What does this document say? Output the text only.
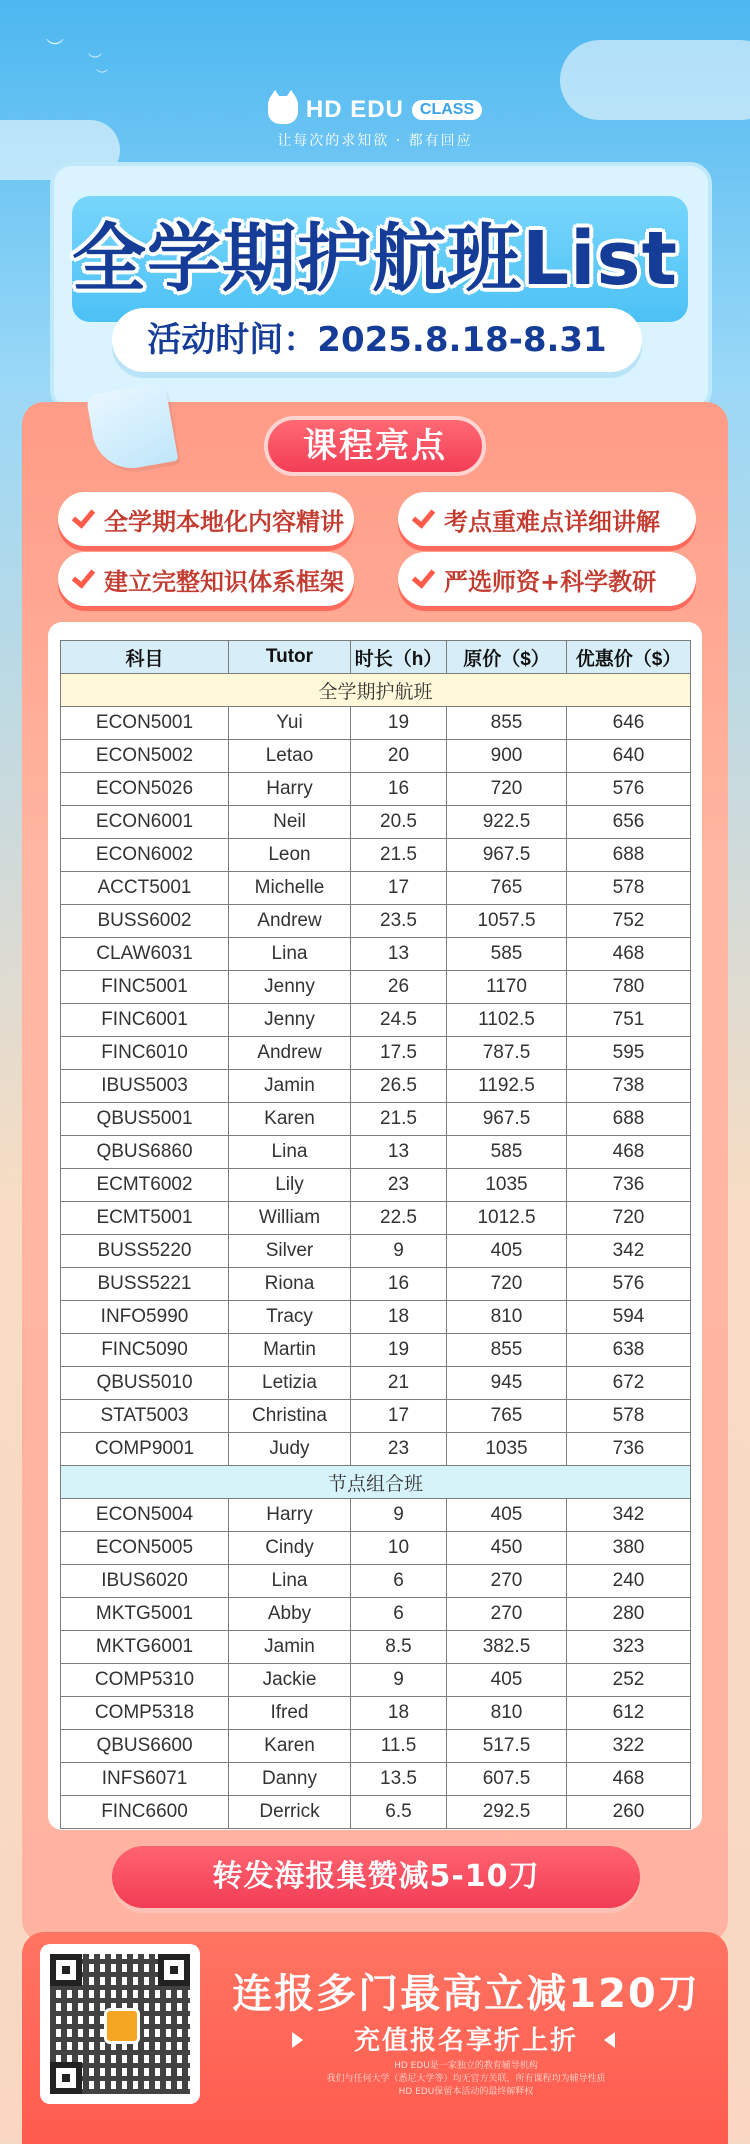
︶
︶
︶
HD EDU	CLASS
让每次的求知欲 · 都有回应
全学期护航班List
活动时间：2025.8.18-8.31
课程亮点
全学期本地化内容精讲	考点重难点详细讲解
建立完整知识体系框架	严选师资+科学教研
科目	Tutor	时长（h）	原价（$）	优惠价（$）
全学期护航班				
ECON5001	Yui	19	855	646
ECON5002	Letao	20	900	640
ECON5026	Harry	16	720	576
ECON6001	Neil	20.5	922.5	656
ECON6002	Leon	21.5	967.5	688
ACCT5001	Michelle	17	765	578
BUSS6002	Andrew	23.5	1057.5	752
CLAW6031	Lina	13	585	468
FINC5001	Jenny	26	1170	780
FINC6001	Jenny	24.5	1102.5	751
FINC6010	Andrew	17.5	787.5	595
IBUS5003	Jamin	26.5	1192.5	738
QBUS5001	Karen	21.5	967.5	688
QBUS6860	Lina	13	585	468
ECMT6002	Lily	23	1035	736
ECMT5001	William	22.5	1012.5	720
BUSS5220	Silver	9	405	342
BUSS5221	Riona	16	720	576
INFO5990	Tracy	18	810	594
FINC5090	Martin	19	855	638
QBUS5010	Letizia	21	945	672
STAT5003	Christina	17	765	578
COMP9001	Judy	23	1035	736
节点组合班				
ECON5004	Harry	9	405	342
ECON5005	Cindy	10	450	380
IBUS6020	Lina	6	270	240
MKTG5001	Abby	6	270	280
MKTG6001	Jamin	8.5	382.5	323
COMP5310	Jackie	9	405	252
COMP5318	Ifred	18	810	612
QBUS6600	Karen	11.5	517.5	322
INFS6071	Danny	13.5	607.5	468
FINC6600	Derrick	6.5	292.5	260
转发海报集赞减5-10刀
连报多门最高立减120刀
充值报名享折上折
HD EDU是一家独立的教育辅导机构
我们与任何大学（悉尼大学等）均无官方关联，所有课程均为辅导性质
HD EDU保留本活动的最终解释权
